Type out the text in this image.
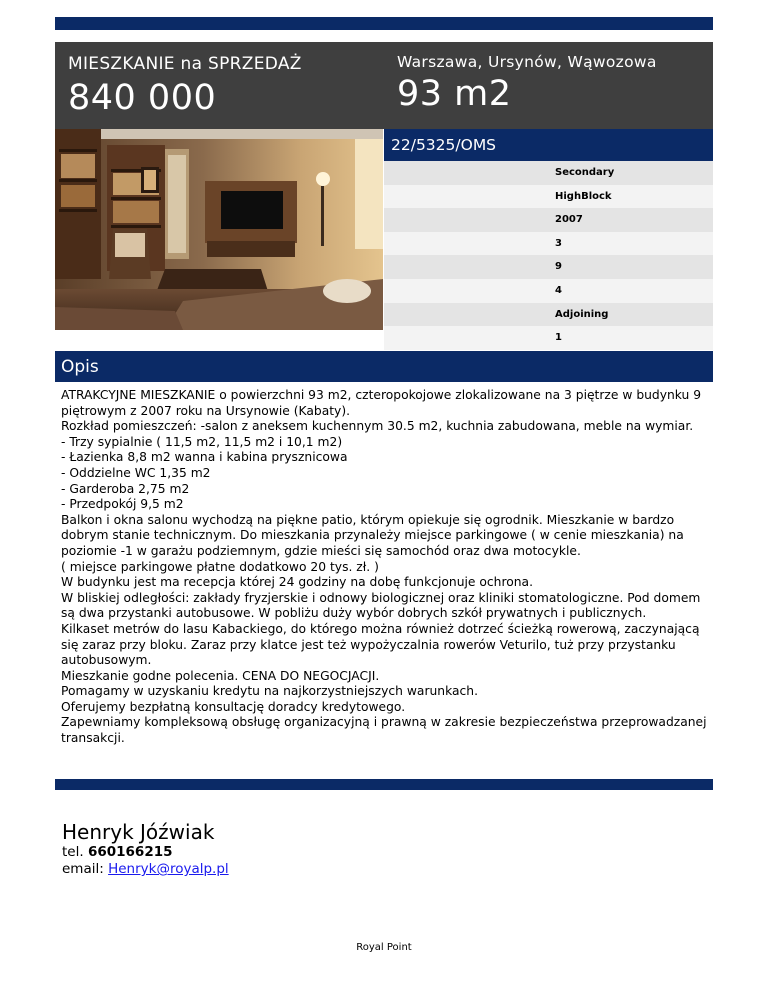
MIESZKANIE na SPRZEDAŻ
840 000
Warszawa, Ursynów, Wąwozowa
93 m2
22/5325/OMS
Secondary
HighBlock
2007
3
9
4
Adjoining
1
Opis
ATRAKCYJNE MIESZKANIE o powierzchni 93 m2, czteropokojowe zlokalizowane na 3 piętrze w budynku 9 piętrowym z 2007 roku na Ursynowie (Kabaty).
Rozkład pomieszczeń: -salon z aneksem kuchennym 30.5 m2, kuchnia zabudowana, meble na wymiar.
- Trzy sypialnie ( 11,5 m2, 11,5 m2 i 10,1 m2)
- Łazienka 8,8 m2 wanna i kabina prysznicowa
- Oddzielne WC 1,35 m2
- Garderoba 2,75 m2
- Przedpokój 9,5 m2
Balkon i okna salonu wychodzą na piękne patio, którym opiekuje się ogrodnik. Mieszkanie w bardzo dobrym stanie technicznym. Do mieszkania przynależy miejsce parkingowe ( w cenie mieszkania) na poziomie -1 w garażu podziemnym, gdzie mieści się samochód oraz dwa motocykle.
( miejsce parkingowe płatne dodatkowo 20 tys. zł. )
W budynku jest ma recepcja której 24 godziny na dobę funkcjonuje ochrona.
W bliskiej odległości: zakłady fryzjerskie i odnowy biologicznej oraz kliniki stomatologiczne. Pod domem są dwa przystanki autobusowe. W pobliżu duży wybór dobrych szkół prywatnych i publicznych.
Kilkaset metrów do lasu Kabackiego, do którego można również dotrzeć ścieżką rowerową, zaczynającą się zaraz przy bloku. Zaraz przy klatce jest też wypożyczalnia rowerów Veturilo, tuż przy przystanku autobusowym.
Mieszkanie godne polecenia. CENA DO NEGOCJACJI.
Pomagamy w uzyskaniu kredytu na najkorzystniejszych warunkach.
Oferujemy bezpłatną konsultację doradcy kredytowego.
Zapewniamy kompleksową obsługę organizacyjną i prawną w zakresie bezpieczeństwa przeprowadzanej transakcji.
Henryk Jóźwiak
tel. 660166215
email: Henryk@royalp.pl
Royal Point
